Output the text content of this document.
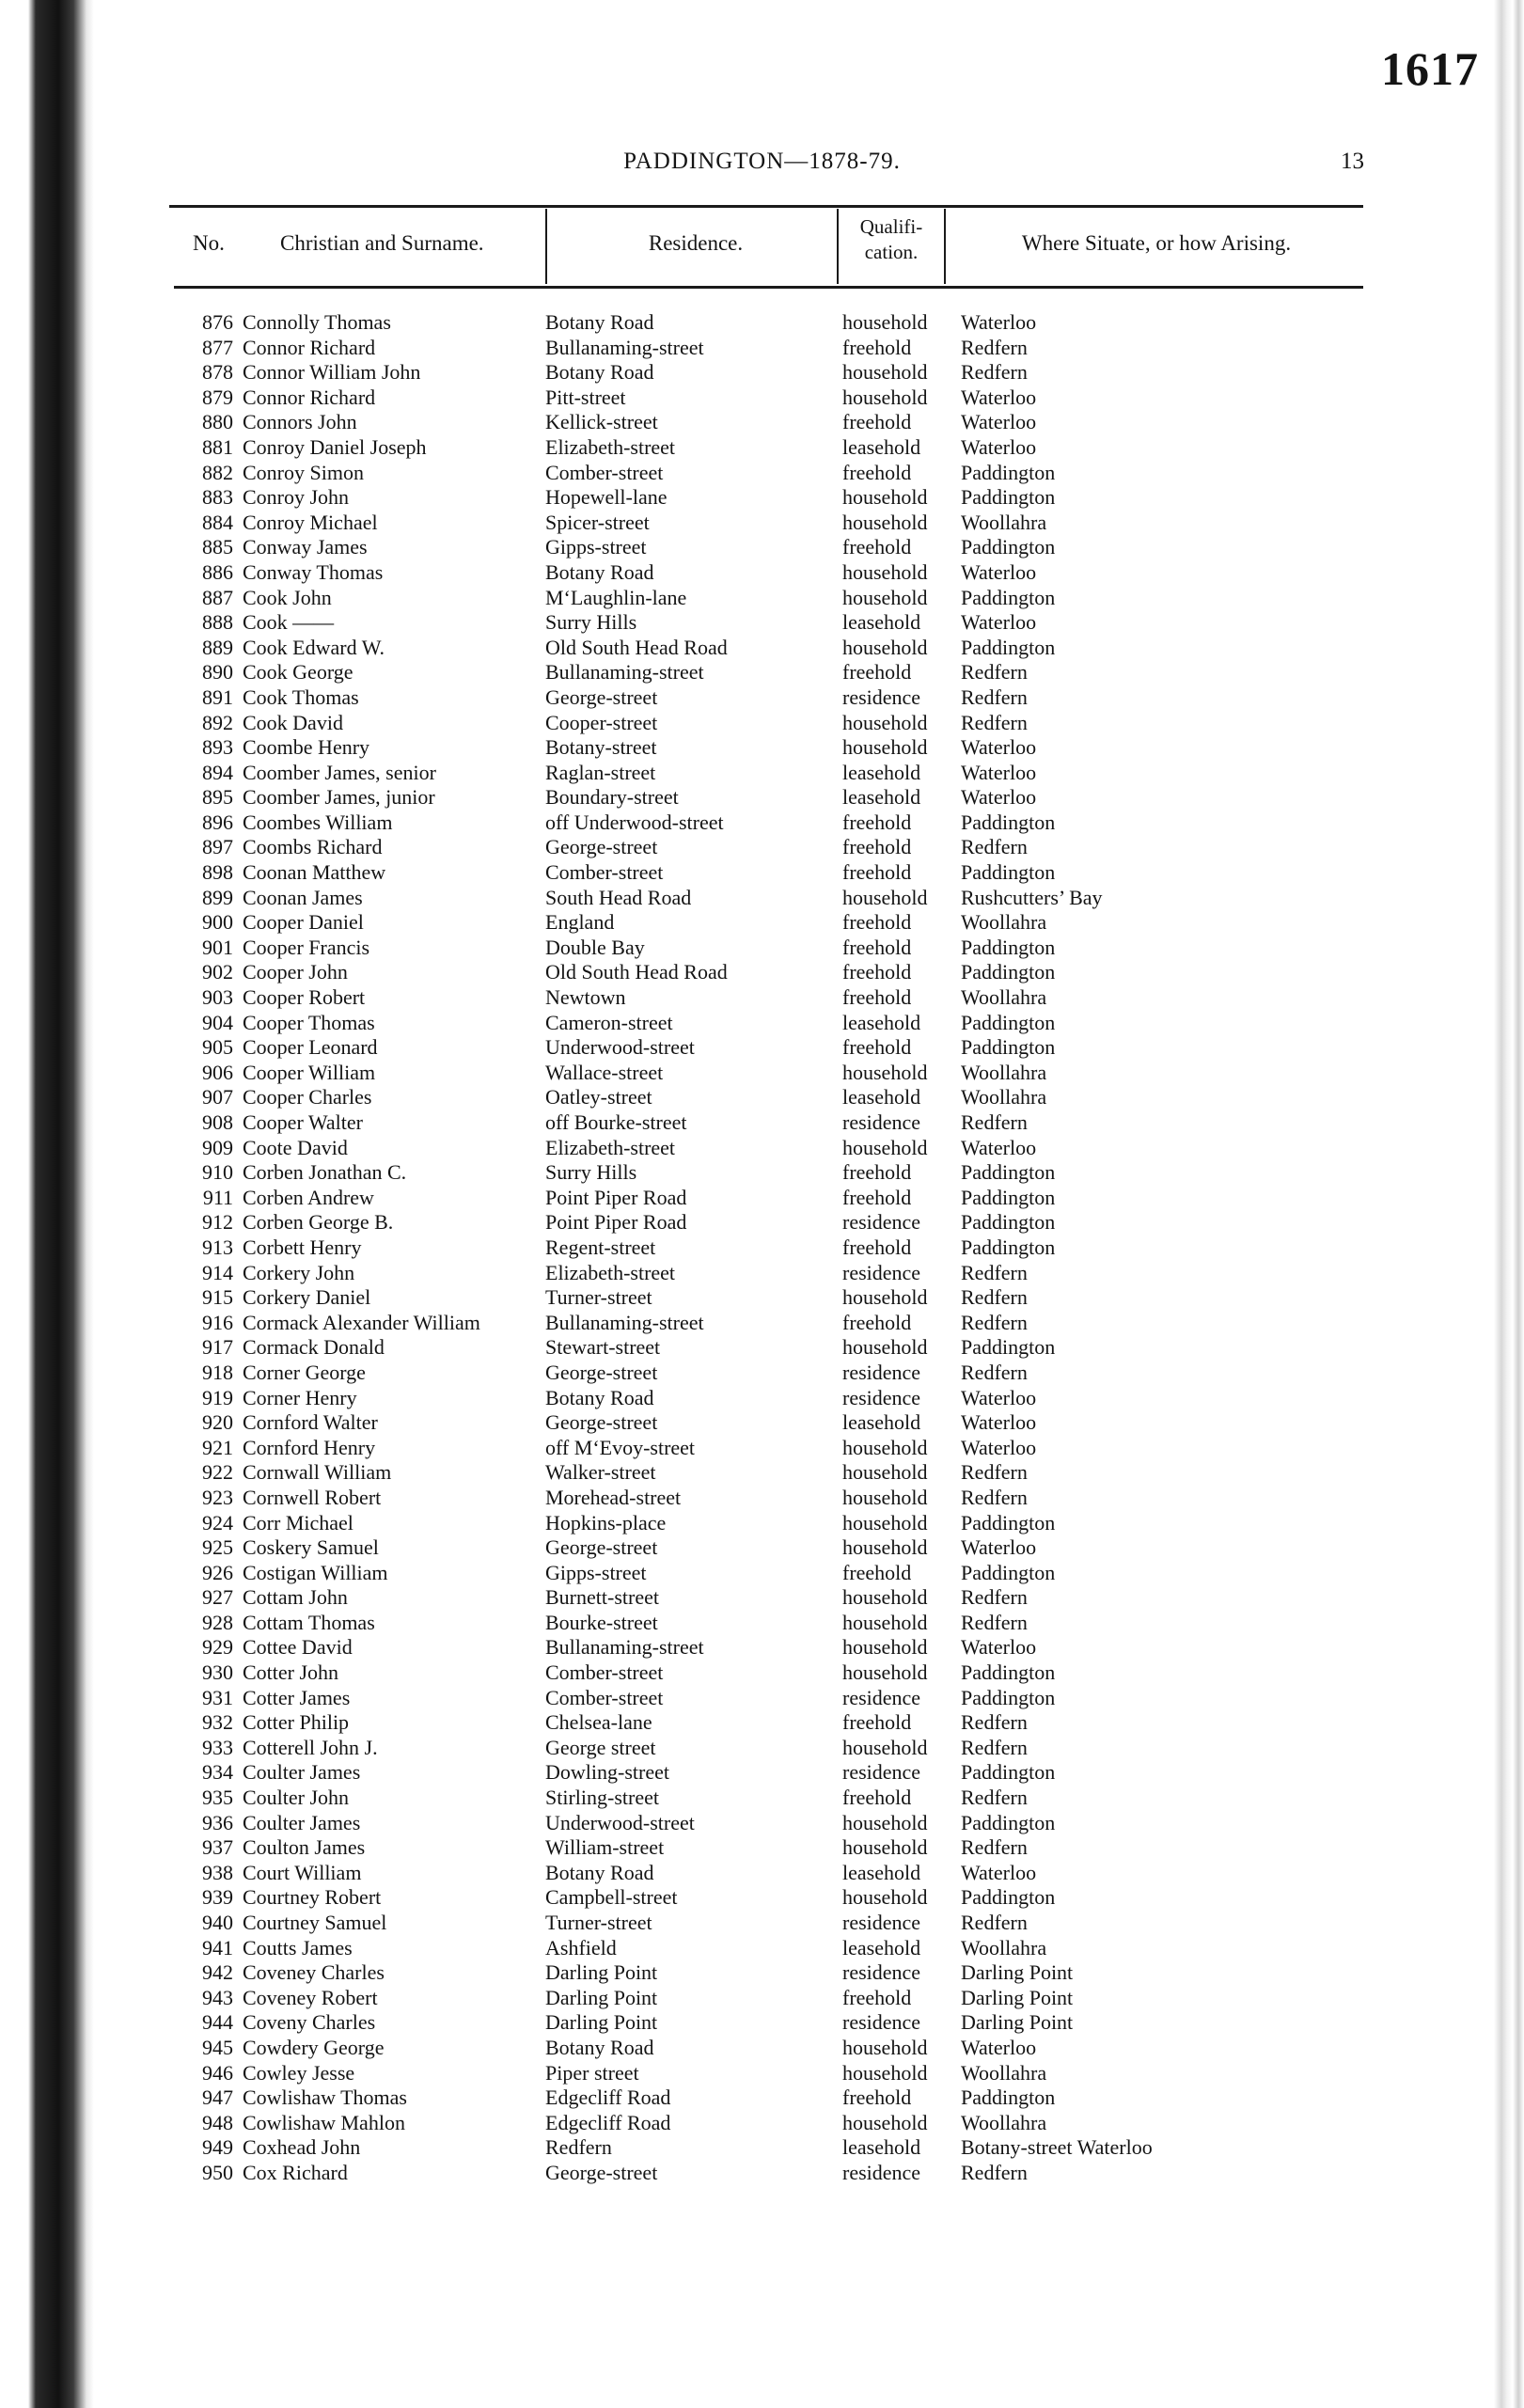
1617
PADDINGTON—1878-79.	13
No.	Christian and Surname.	Residence.
Qualifi-
cation.	Where Situate, or how Arising.
876 Connolly Thomas	Botany Road	household Waterloo
877 Connor Richard	Bullanaming-street	freehold Redfern
878 Connor William John	Botany Road	household Redfern
879 Connor Richard	Pitt-street	household Waterloo
880 Connors John	Kellick-street	freehold Waterloo
881 Conroy Daniel Joseph	Elizabeth-street	leasehold Waterloo
882 Conroy Simon	Comber-street	freehold Paddington
883 Conroy John	Hopewell-lane	household Paddington
884 Conroy Michael	Spicer-street	household Woollahra
885 Conway James	Gipps-street	freehold Paddington
886 Conway Thomas	Botany Road	household Waterloo
887 Cook John	M‘Laughlin-lane	household Paddington
888 Cook ——	Surry Hills	leasehold Waterloo
889 Cook Edward W.	Old South Head Road	household Paddington
890 Cook George	Bullanaming-street	freehold Redfern
891 Cook Thomas	George-street	residence Redfern
892 Cook David	Cooper-street	household Redfern
893 Coombe Henry	Botany-street	household Waterloo
894 Coomber James, senior	Raglan-street	leasehold Waterloo
895 Coomber James, junior	Boundary-street	leasehold Waterloo
896 Coombes William	off Underwood-street	freehold Paddington
897 Coombs Richard	George-street	freehold Redfern
898 Coonan Matthew	Comber-street	freehold Paddington
899 Coonan James	South Head Road	household Rushcutters’ Bay
900 Cooper Daniel	England	freehold Woollahra
901 Cooper Francis	Double Bay	freehold Paddington
902 Cooper John	Old South Head Road	freehold Paddington
903 Cooper Robert	Newtown	freehold Woollahra
904 Cooper Thomas	Cameron-street	leasehold Paddington
905 Cooper Leonard	Underwood-street	freehold Paddington
906 Cooper William	Wallace-street	household Woollahra
907 Cooper Charles	Oatley-street	leasehold Woollahra
908 Cooper Walter	off Bourke-street	residence Redfern
909 Coote David	Elizabeth-street	household Waterloo
910 Corben Jonathan C.	Surry Hills	freehold Paddington
911 Corben Andrew	Point Piper Road	freehold Paddington
912 Corben George B.	Point Piper Road	residence Paddington
913 Corbett Henry	Regent-street	freehold Paddington
914 Corkery John	Elizabeth-street	residence Redfern
915 Corkery Daniel	Turner-street	household Redfern
916 Cormack Alexander William	Bullanaming-street	freehold Redfern
917 Cormack Donald	Stewart-street	household Paddington
918 Corner George	George-street	residence Redfern
919 Corner Henry	Botany Road	residence Waterloo
920 Cornford Walter	George-street	leasehold Waterloo
921 Cornford Henry	off M‘Evoy-street	household Waterloo
922 Cornwall William	Walker-street	household Redfern
923 Cornwell Robert	Morehead-street	household Redfern
924 Corr Michael	Hopkins-place	household Paddington
925 Coskery Samuel	George-street	household Waterloo
926 Costigan William	Gipps-street	freehold Paddington
927 Cottam John	Burnett-street	household Redfern
928 Cottam Thomas	Bourke-street	household Redfern
929 Cottee David	Bullanaming-street	household Waterloo
930 Cotter John	Comber-street	household Paddington
931 Cotter James	Comber-street	residence Paddington
932 Cotter Philip	Chelsea-lane	freehold Redfern
933 Cotterell John J.	George street	household Redfern
934 Coulter James	Dowling-street	residence Paddington
935 Coulter John	Stirling-street	freehold Redfern
936 Coulter James	Underwood-street	household Paddington
937 Coulton James	William-street	household Redfern
938 Court William	Botany Road	leasehold Waterloo
939 Courtney Robert	Campbell-street	household Paddington
940 Courtney Samuel	Turner-street	residence Redfern
941 Coutts James	Ashfield	leasehold Woollahra
942 Coveney Charles	Darling Point	residence Darling Point
943 Coveney Robert	Darling Point	freehold Darling Point
944 Coveny Charles	Darling Point	residence Darling Point
945 Cowdery George	Botany Road	household Waterloo
946 Cowley Jesse	Piper street	household Woollahra
947 Cowlishaw Thomas	Edgecliff Road	freehold Paddington
948 Cowlishaw Mahlon	Edgecliff Road	household Woollahra
949 Coxhead John	Redfern	leasehold Botany-street Waterloo
950 Cox Richard	George-street	residence Redfern
